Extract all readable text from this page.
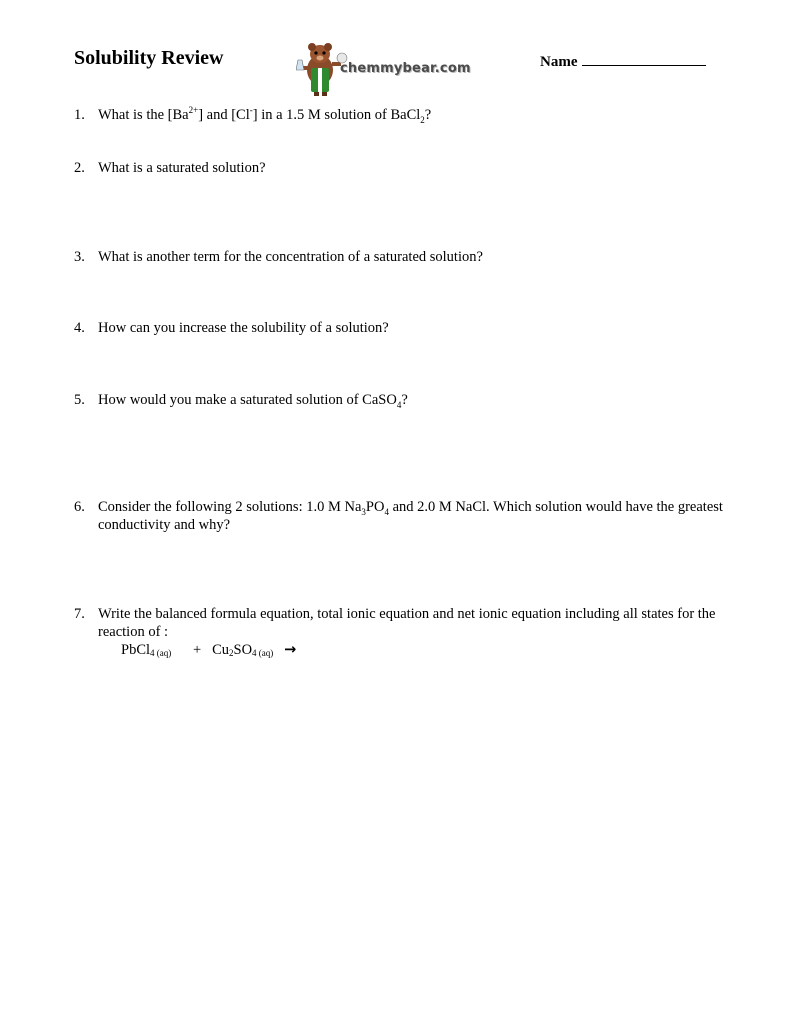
Solubility Review	chemmybear.com	Name
1. What is the $[Ba^{2+}]$ and [Cl-] in a 1.5 M solution of BaCl$_2$?
2. What is a saturated solution?
3. What is another term for the concentration of a saturated solution?
4. How can you increase the solubility of a solution?
5. How would you make a saturated solution of CaSO$_4$?
6. Consider the following 2 solutions: 1.0 M $Na_3PO_4$ and 2.0 M NaCl. Which solution would have the greatest conductivity and why?
7. Write the balanced formula equation, total ionic equation and net ionic equation including all states for the reaction of :
PbCl4 (aq) + Cu2SO4 (aq) →
